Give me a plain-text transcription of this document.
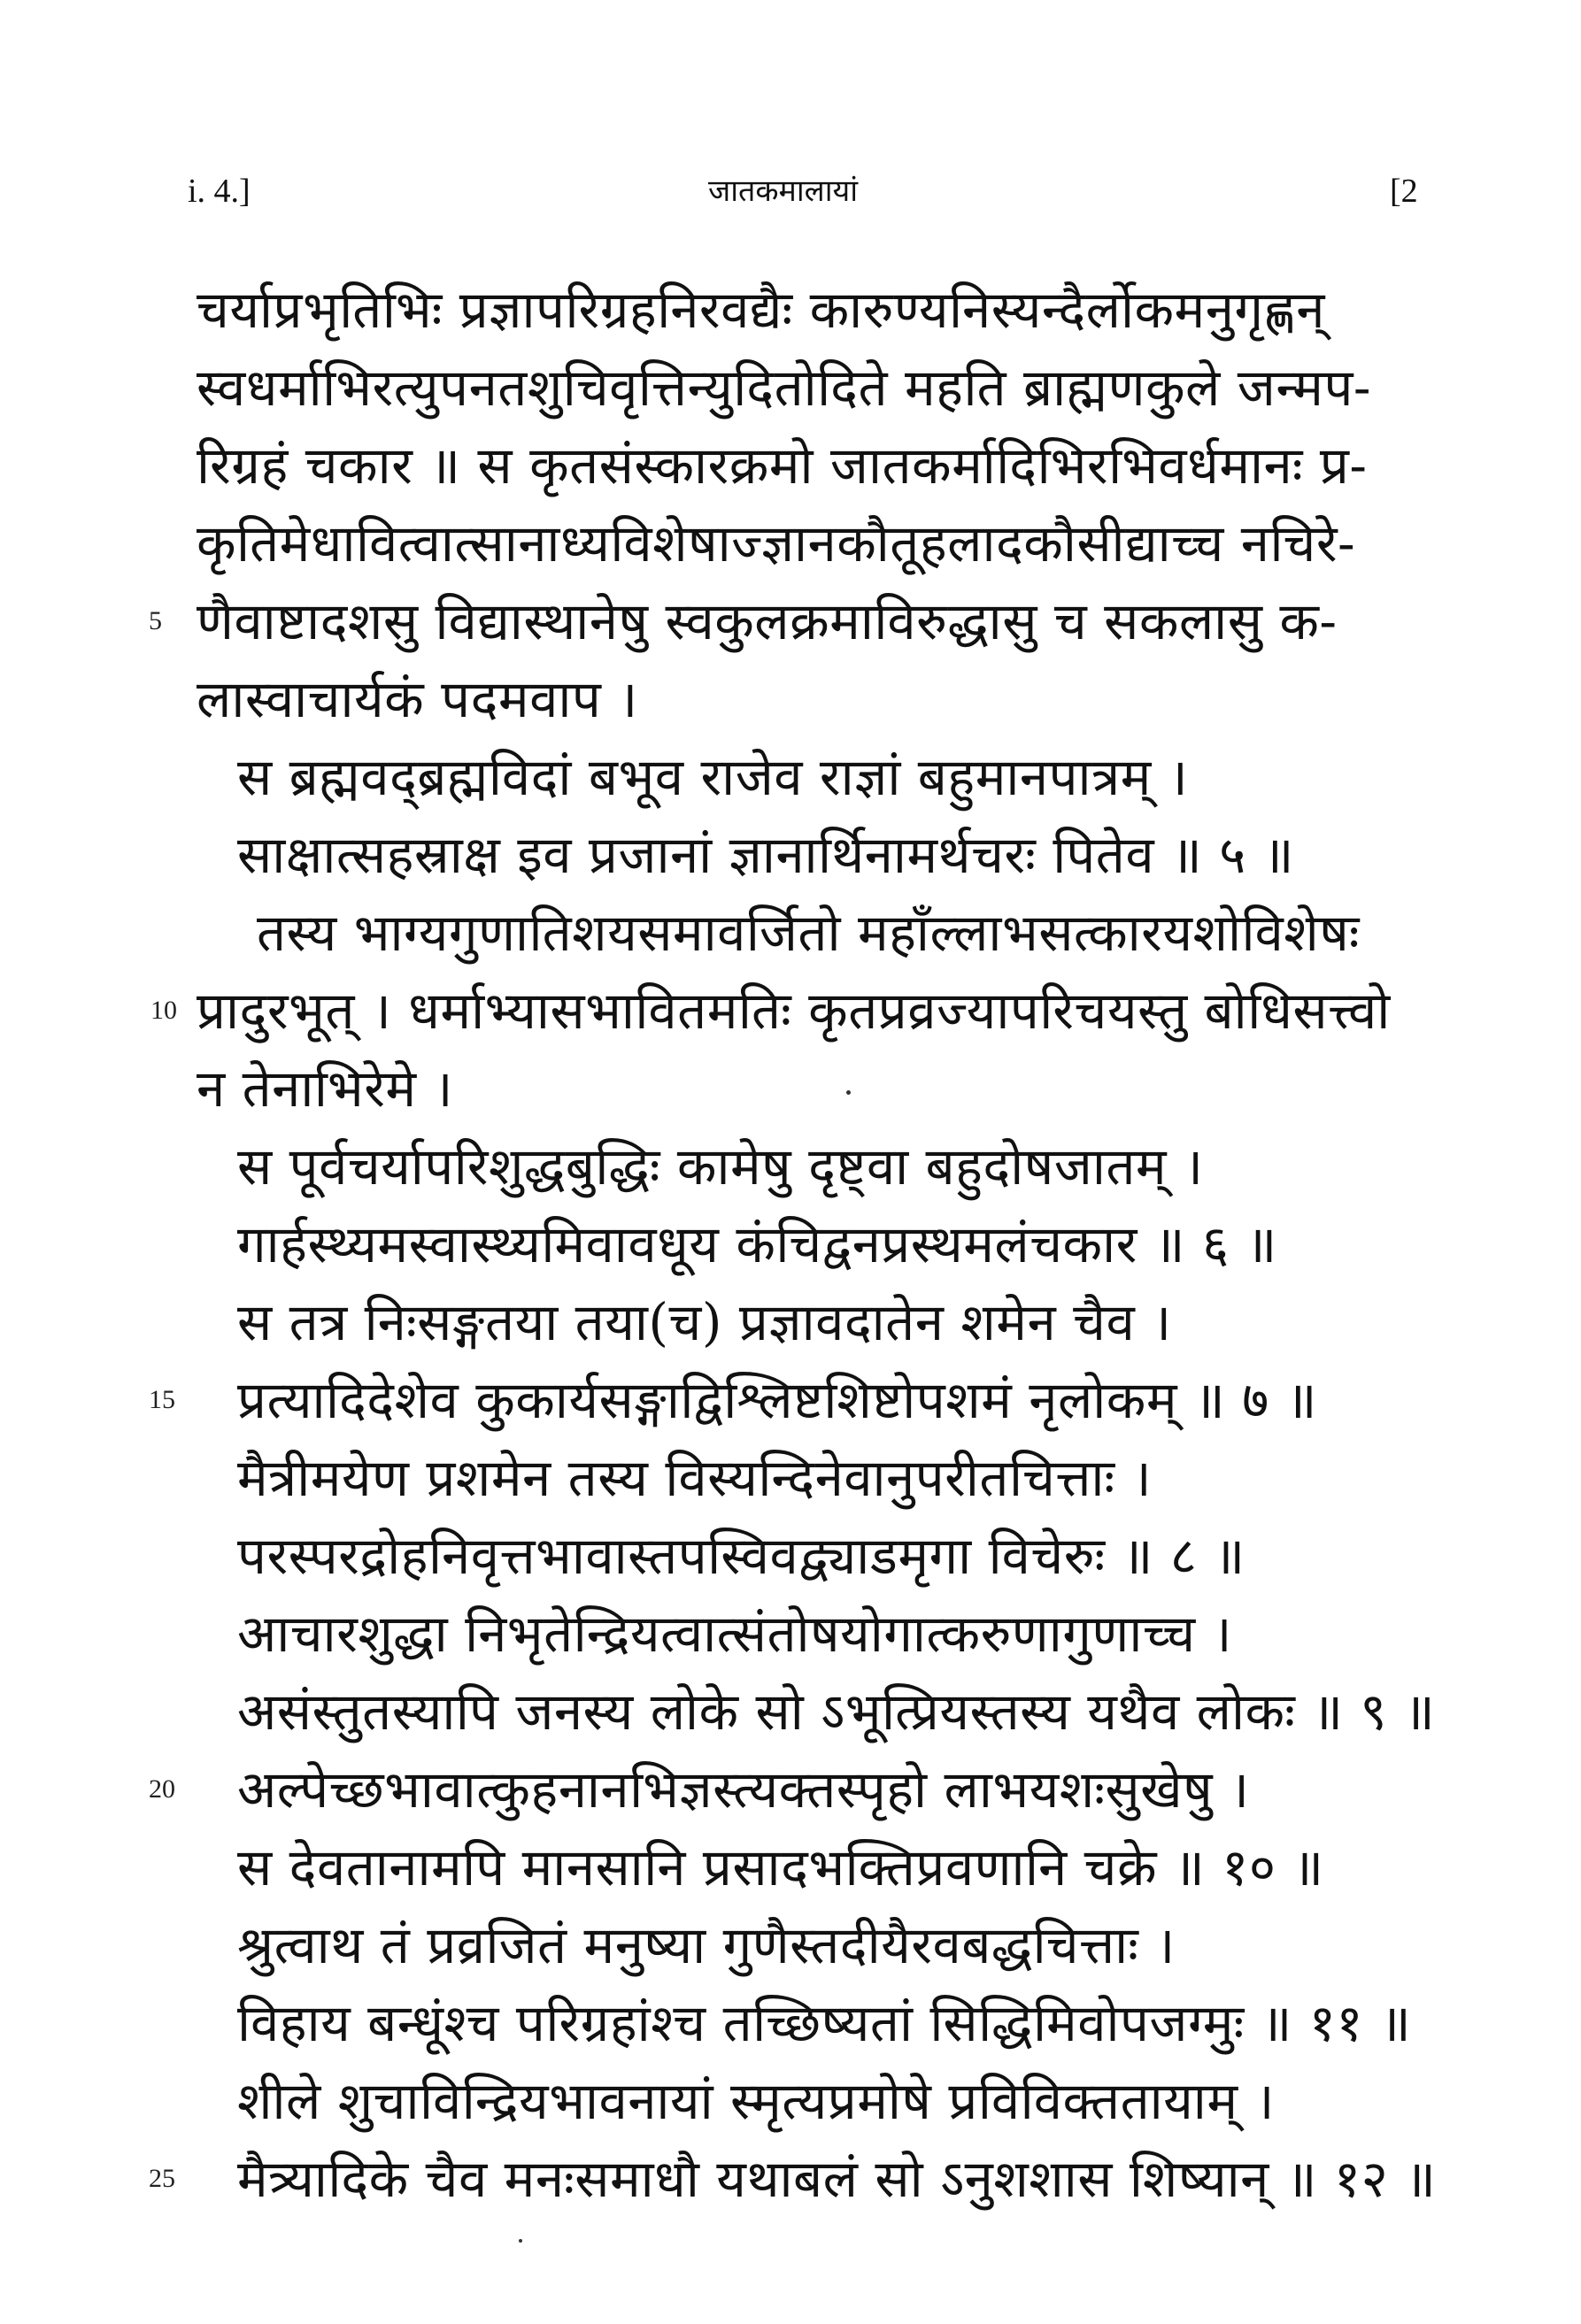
i. 4.]	जातकमालायां	[2
चर्याप्रभृतिभिः प्रज्ञापरिग्रहनिरवद्यैः कारुण्यनिस्यन्दैर्लोकमनुगृह्णन्
स्वधर्माभिरत्युपनतशुचिवृत्तिन्युदितोदिते महति ब्राह्मणकुले जन्मप-
रिग्रहं चकार ॥ स कृतसंस्कारक्रमो जातकर्मादिभिरभिवर्धमानः प्र-
कृतिमेधावित्वात्सानाध्यविशेषाज्ज्ञानकौतूहलादकौसीद्याच्च नचिरे-
5 णैवाष्टादशसु विद्यास्थानेषु स्वकुलक्रमाविरुद्धासु च सकलासु क-
लास्वाचार्यकं पदमवाप ।
स ब्रह्मवद्ब्रह्मविदां बभूव राजेव राज्ञां बहुमानपात्रम् ।
साक्षात्सहस्राक्ष इव प्रजानां ज्ञानार्थिनामर्थचरः पितेव ॥ ५ ॥
तस्य भाग्यगुणातिशयसमावर्जितो महाँल्लाभसत्कारयशोविशेषः
10 प्रादुरभूत् । धर्माभ्यासभावितमतिः कृतप्रव्रज्यापरिचयस्तु बोधिसत्त्वो
न तेनाभिरेमे ।
स पूर्वचर्यापरिशुद्धबुद्धिः कामेषु दृष्ट्वा बहुदोषजातम् ।
गार्हस्थ्यमस्वास्थ्यमिवावधूय कंचिद्वनप्रस्थमलंचकार ॥ ६ ॥
स तत्र निःसङ्गतया तया(च) प्रज्ञावदातेन शमेन चैव ।
15 प्रत्यादिदेशेव कुकार्यसङ्गाद्विश्लिष्टशिष्टोपशमं नृलोकम् ॥ ७ ॥
मैत्रीमयेण प्रशमेन तस्य विस्यन्दिनेवानुपरीतचित्ताः ।
परस्परद्रोहनिवृत्तभावास्तपस्विवद्व्याडमृगा विचेरुः ॥ ८ ॥
आचारशुद्धा निभृतेन्द्रियत्वात्संतोषयोगात्करुणागुणाच्च ।
असंस्तुतस्यापि जनस्य लोके सो ऽभूत्प्रियस्तस्य यथैव लोकः ॥ ९ ॥
20 अल्पेच्छभावात्कुहनानभिज्ञस्त्यक्तस्पृहो लाभयशःसुखेषु ।
स देवतानामपि मानसानि प्रसादभक्तिप्रवणानि चक्रे ॥ १० ॥
श्रुत्वाथ तं प्रव्रजितं मनुष्या गुणैस्तदीयैरवबद्धचित्ताः ।
विहाय बन्धूंश्च परिग्रहांश्च तच्छिष्यतां सिद्धिमिवोपजग्मुः ॥ ११ ॥
शीले शुचाविन्द्रियभावनायां स्मृत्यप्रमोषे प्रविविक्ततायाम् ।
25 मैत्र्यादिके चैव मनःसमाधौ यथाबलं सो ऽनुशशास शिष्यान् ॥ १२ ॥
